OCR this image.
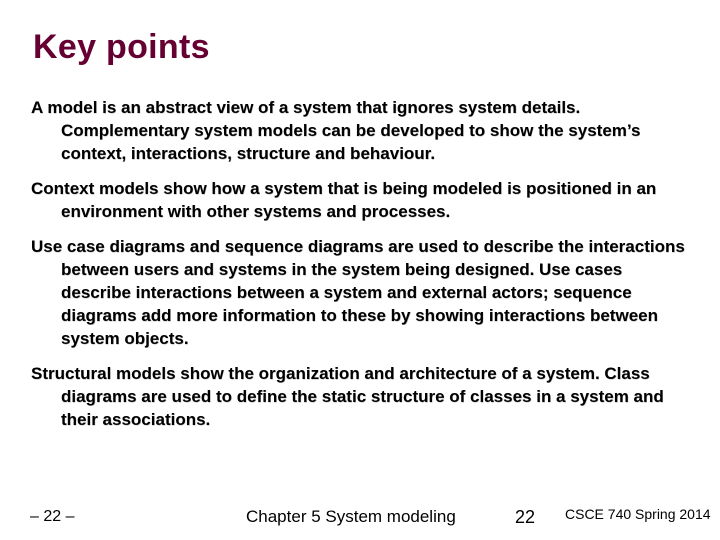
Key points
A model is an abstract view of a system that ignores system details. Complementary system models can be developed to show the system’s context, interactions, structure and behaviour.
Context models show how a system that is being modeled is positioned in an environment with other systems and processes.
Use case diagrams and sequence diagrams are used to describe the interactions between users and systems in the system being designed. Use cases describe interactions between a system and external actors; sequence diagrams add more information to these by showing interactions between system objects.
Structural models show the organization and architecture of a system. Class diagrams are used to define the static structure of classes in a system and their associations.
– 22 –	Chapter 5 System modeling	22 CSCE 740 Spring 2014
